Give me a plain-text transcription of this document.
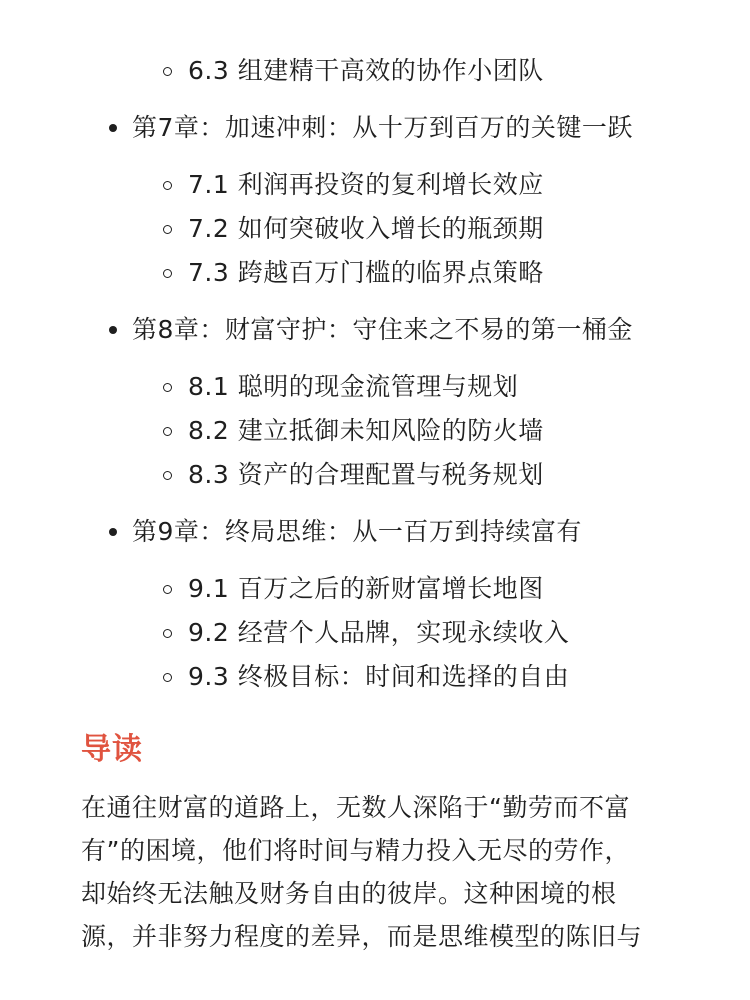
6.3 组建精干高效的协作小团队
第7章：加速冲刺：从十万到百万的关键一跃
7.1 利润再投资的复利增长效应
7.2 如何突破收入增长的瓶颈期
7.3 跨越百万门槛的临界点策略
第8章：财富守护：守住来之不易的第一桶金
8.1 聪明的现金流管理与规划
8.2 建立抵御未知风险的防火墙
8.3 资产的合理配置与税务规划
第9章：终局思维：从一百万到持续富有
9.1 百万之后的新财富增长地图
9.2 经营个人品牌，实现永续收入
9.3 终极目标：时间和选择的自由
导读
在通往财富的道路上，无数人深陷于“勤劳而不富
有”的困境，他们将时间与精力投入无尽的劳作，
却始终无法触及财务自由的彼岸。这种困境的根
源，并非努力程度的差异，而是思维模型的陈旧与
